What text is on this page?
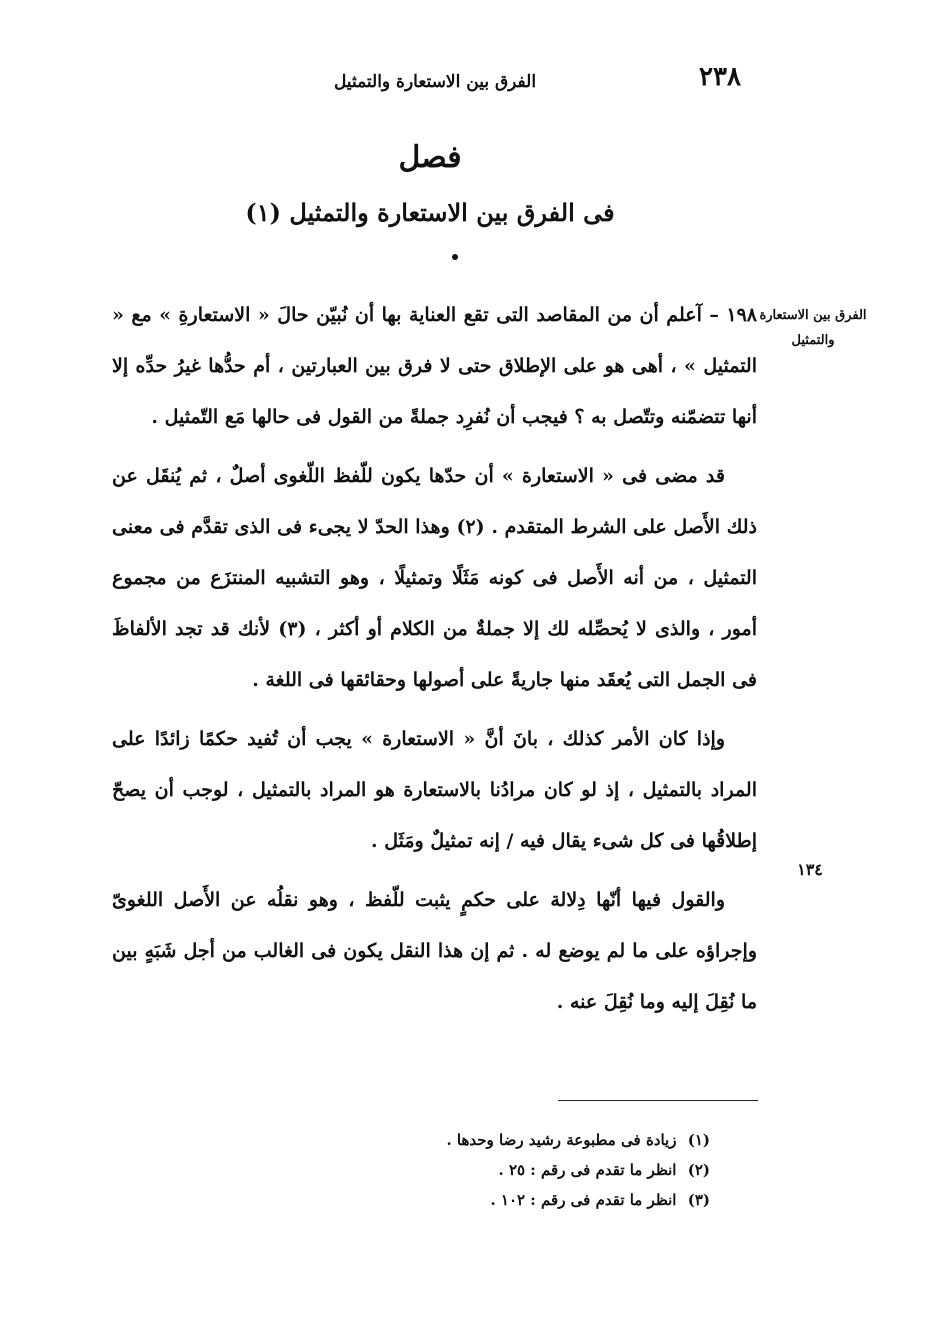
٢٣٨
الفرق بين الاستعارة والتمثيل
فصل
فى الفرق بين الاستعارة والتمثيل (١)
الفرق بين الاستعارة والتمثيل
١٣٤

١٩٨ – آعلم أن من المقاصد التى تقع العناية بها أن نُبيّن حالَ « الاستعارةِ » مع « التمثيل » ، أهى هو على الإطلاق حتى لا فرق بين العبارتين ، أم حدُّها غيرُ حدِّه إلا أنها تتضمّنه وتتّصل به ؟ فيجب أن نُفرِد جملةً من القول فى حالها مَع التّمثيل .

قد مضى فى « الاستعارة » أن حدّها يكون للّفظ اللّغوى أصلٌ ، ثم يُنقَل عن ذلك الأَصل على الشرط المتقدم . (٢) وهذا الحدّ لا يجىء فى الذى تقدَّم فى معنى التمثيل ، من أنه الأَصل فى كونه مَثَلًا وتمثيلًا ، وهو التشبيه المنتزَع من مجموع أمور ، والذى لا يُحصِّله لك إلا جملةٌ من الكلام أو أكثر ، (٣) لأنك قد تجد الألفاظَ فى الجمل التى يُعقَد منها جاريةً على أصولها وحقائقها فى اللغة .

وإذا كان الأمر كذلك ، بانَ أنَّ « الاستعارة » يجب أن تُفيد حكمًا زائدًا على المراد بالتمثيل ، إذ لو كان مرادُنا بالاستعارة هو المراد بالتمثيل ، لوجب أن يصحّ إطلاقُها فى كل شىء يقال فيه / إنه تمثيلٌ ومَثَل .

والقول فيها أنّها دِلالة على حكمٍ يثبت للّفظ ، وهو نقلُه عن الأَصل اللغوىّ وإجراؤه على ما لم يوضع له . ثم إن هذا النقل يكون فى الغالب من أجل شَبَهٍ بين ما نُقِلَ إليه وما نُقِلَ عنه .

(١) زيادة فى مطبوعة رشيد رضا وحدها .
(٢) انظر ما تقدم فى رقم : ٢٥ .
(٣) انظر ما تقدم فى رقم : ١٠٢ .
